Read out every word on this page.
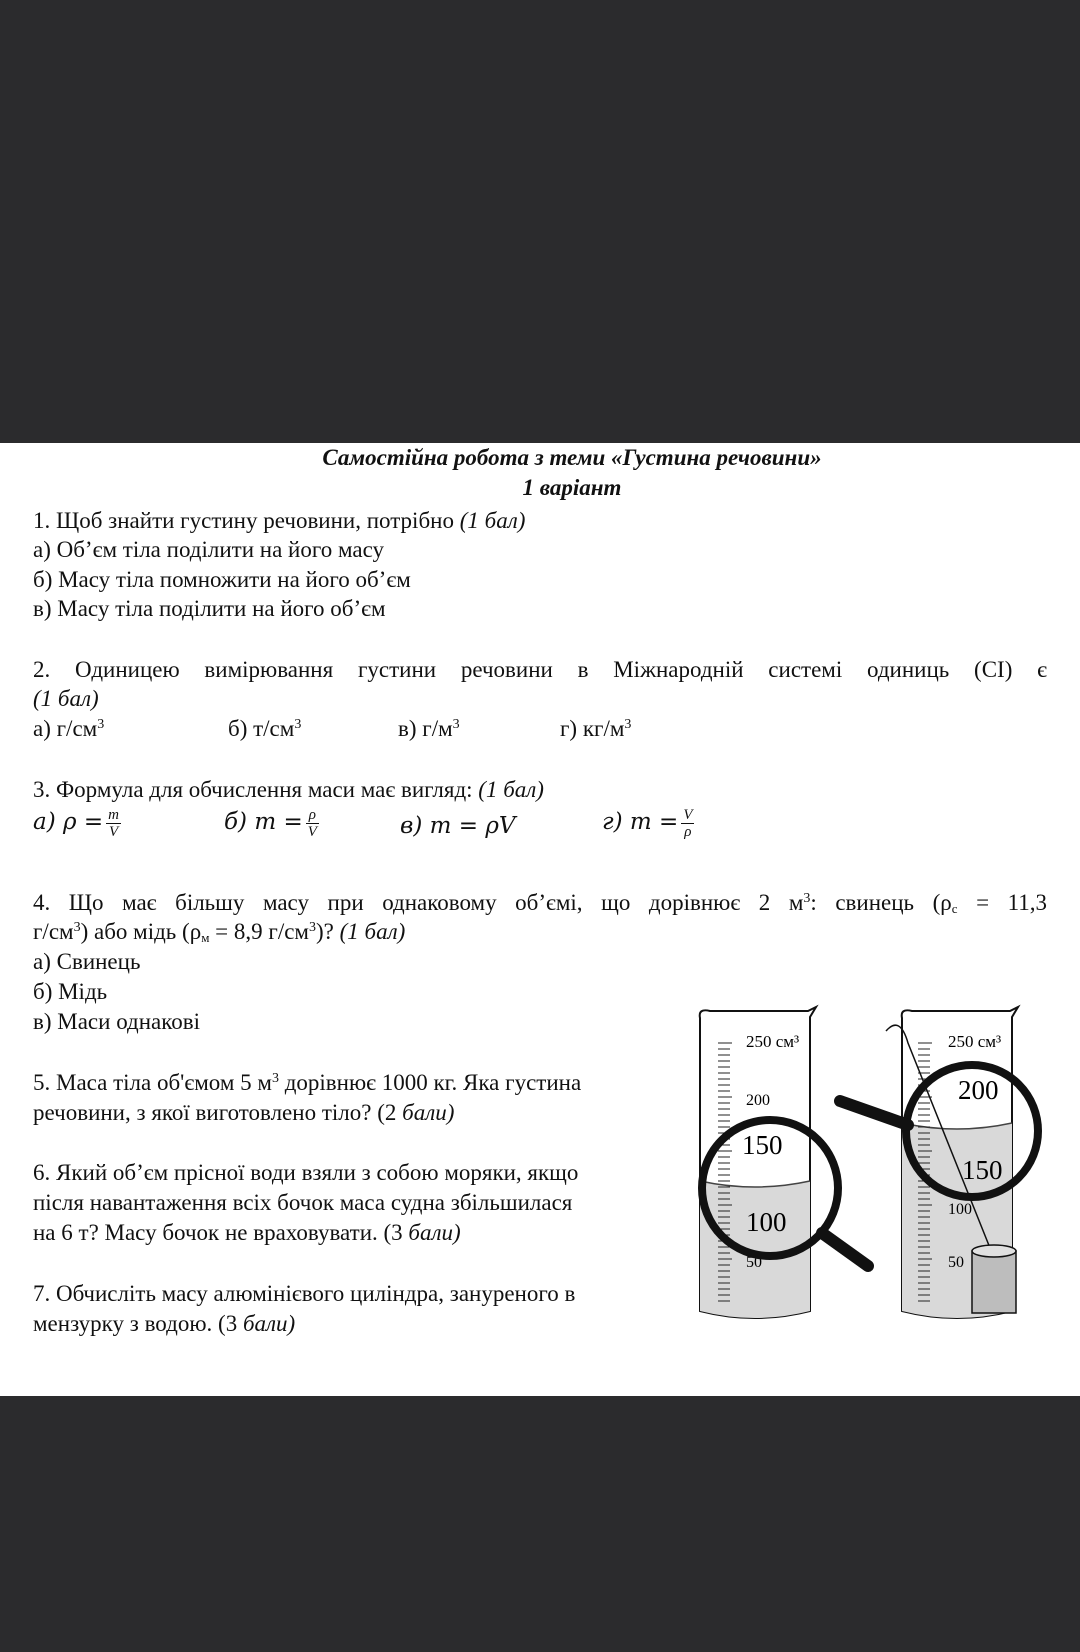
Самостійна робота з теми «Густина речовини»
1 варіант
1. Щоб знайти густину речовини, потрібно (1 бал)
а) Об’єм тіла поділити на його масу
б) Масу тіла помножити на його об’єм
в) Масу тіла поділити на його об’єм
2. Одиницею вимірювання густини речовини в Міжнародній системі одиниць (СІ) є
(1 бал)
а) $г/см^3$	б) $т/см^3$	в) $г/м^3$	г) $кг/м^3$
3. Формула для обчислення маси має вигляд: (1 бал)
а) $\rho = \frac{m}{V}$	б) $m = \frac{\rho}{V}$	в) m = ρV	г) $m = \frac{V}{\rho}$
4. Що має більшу масу при однаковому об’ємі, що дорівнює 2 $м^3$: свинець ($\rho_с = 11,3$
$г/см^3$) або мідь ($\rho_м = 8,9$ $г/см^3$)? (1 бал)
а) Свинець
б) Мідь
в) Маси однакові
5. Маса тіла об'ємом 5 $м^3$ дорівнює 1000 кг. Яка густина
речовини, з якої виготовлено тіло? (2 бали)
6. Який об’єм прісної води взяли з собою моряки, якщо
після навантаження всіх бочок маса судна збільшилася
на 6 т? Масу бочок не враховувати. (3 бали)
7. Обчисліть масу алюмінієвого циліндра, зануреного в
мензурку з водою. (3 бали)
250 см³
200
50
150
100
250 см³
100
50
200
150
